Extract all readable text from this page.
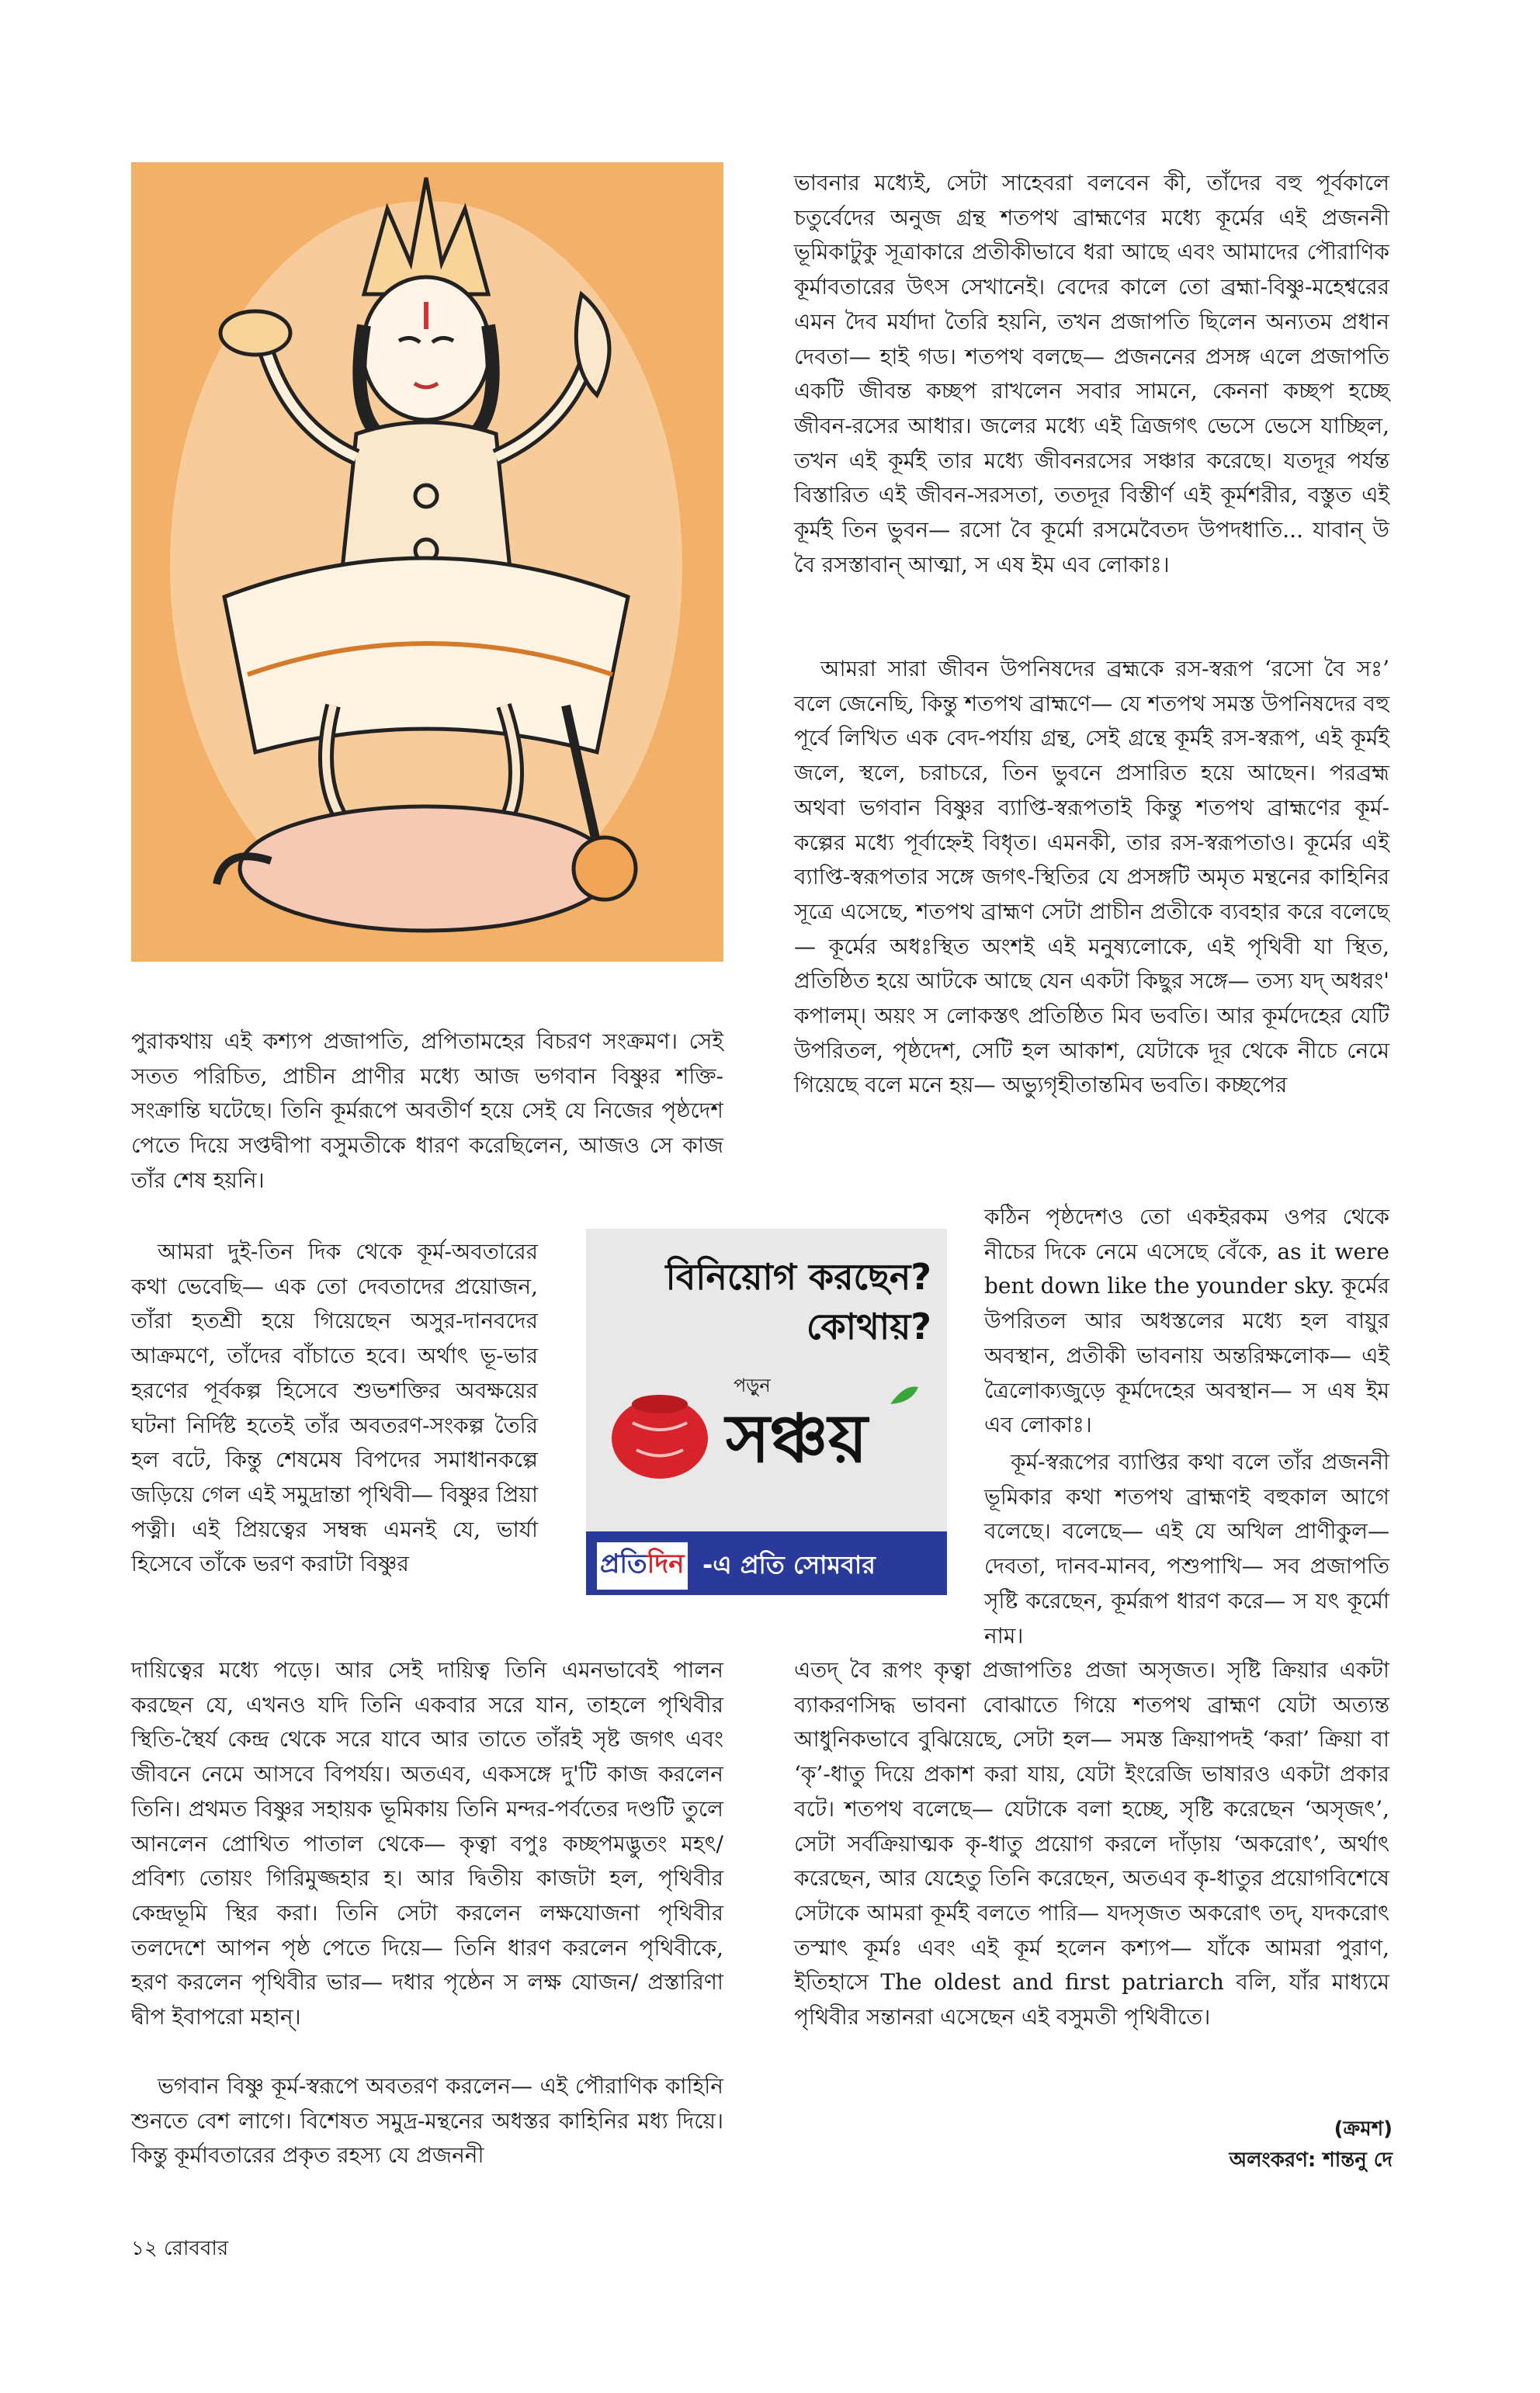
ভাবনার মধ্যেই, সেটা সাহেবরা বলবেন কী, তাঁদের বহু পূর্বকালে চতুর্বেদের অনুজ গ্রন্থ শতপথ ব্রাহ্মণের মধ্যে কূর্মের এই প্রজননী ভূমিকাটুকু সূত্রাকারে প্রতীকীভাবে ধরা আছে এবং আমাদের পৌরাণিক কূর্মাবতারের উৎস সেখানেই। বেদের কালে তো ব্রহ্মা-বিষ্ণু-মহেশ্বরের এমন দৈব মর্যাদা তৈরি হয়নি, তখন প্রজাপতি ছিলেন অন্যতম প্রধান দেবতা— হাই গড। শতপথ বলছে— প্রজননের প্রসঙ্গ এলে প্রজাপতি একটি জীবন্ত কচ্ছপ রাখলেন সবার সামনে, কেননা কচ্ছপ হচ্ছে জীবন-রসের আধার। জলের মধ্যে এই ত্রিজগৎ ভেসে ভেসে যাচ্ছিল, তখন এই কূর্মই তার মধ্যে জীবনরসের সঞ্চার করেছে। যতদূর পর্যন্ত বিস্তারিত এই জীবন-সরসতা, ততদূর বিস্তীর্ণ এই কূর্মশরীর, বস্তুত এই কূর্মই তিন ভুবন— রসো বৈ কূর্মো রসমেবৈতদ উপদধাতি... যাবান্ উ বৈ রসস্তাবান্ আত্মা, স এষ ইম এব লোকাঃ।

আমরা সারা জীবন উপনিষদের ব্রহ্মকে রস-স্বরূপ ‘রসো বৈ সঃ’ বলে জেনেছি, কিন্তু শতপথ ব্রাহ্মণে— যে শতপথ সমস্ত উপনিষদের বহু পূর্বে লিখিত এক বেদ-পর্যায় গ্রন্থ, সেই গ্রন্থে কূর্মই রস-স্বরূপ, এই কূর্মই জলে, স্থলে, চরাচরে, তিন ভুবনে প্রসারিত হয়ে আছেন। পরব্রহ্ম অথবা ভগবান বিষ্ণুর ব্যাপ্তি-স্বরূপতাই কিন্তু শতপথ ব্রাহ্মণের কূর্ম-কল্পের মধ্যে পূর্বাহ্নেই বিধৃত। এমনকী, তার রস-স্বরূপতাও। কূর্মের এই ব্যাপ্তি-স্বরূপতার সঙ্গে জগৎ-স্থিতির যে প্রসঙ্গটি অমৃত মন্থনের কাহিনির সূত্রে এসেছে, শতপথ ব্রাহ্মণ সেটা প্রাচীন প্রতীকে ব্যবহার করে বলেছে— কূর্মের অধঃস্থিত অংশই এই মনুষ্যলোকে, এই পৃথিবী যা স্থিত, প্রতিষ্ঠিত হয়ে আটকে আছে যেন একটা কিছুর সঙ্গে— তস্য যদ্ অধরং' কপালম্। অয়ং স লোকস্তৎ প্রতিষ্ঠিত মিব ভবতি। আর কূর্মদেহের যেটি উপরিতল, পৃষ্ঠদেশ, সেটি হল আকাশ, যেটাকে দূর থেকে নীচে নেমে গিয়েছে বলে মনে হয়— অভ্যুগৃহীতান্তমিব ভবতি। কচ্ছপের

কঠিন পৃষ্ঠদেশও তো একইরকম ওপর থেকে নীচের দিকে নেমে এসেছে বেঁকে, as it were bent down like the younder sky. কূর্মের উপরিতল আর অধস্তলের মধ্যে হল বায়ুর অবস্থান, প্রতীকী ভাবনায় অন্তরিক্ষলোক— এই ত্রৈলোক্যজুড়ে কূর্মদেহের অবস্থান— স এষ ইম এব লোকাঃ।

কূর্ম-স্বরূপের ব্যাপ্তির কথা বলে তাঁর প্রজননী ভূমিকার কথা শতপথ ব্রাহ্মণই বহুকাল আগে বলেছে। বলেছে— এই যে অখিল প্রাণীকুল— দেবতা, দানব-মানব, পশুপাখি— সব প্রজাপতি সৃষ্টি করেছেন, কূর্মরূপ ধারণ করে— স যৎ কূর্মো নাম।

এতদ্ বৈ রূপং কৃত্বা প্রজাপতিঃ প্রজা অসৃজত। সৃষ্টি ক্রিয়ার একটা ব্যাকরণসিদ্ধ ভাবনা বোঝাতে গিয়ে শতপথ ব্রাহ্মণ যেটা অত্যন্ত আধুনিকভাবে বুঝিয়েছে, সেটা হল— সমস্ত ক্রিয়াপদই ‘করা’ ক্রিয়া বা ‘কৃ’-ধাতু দিয়ে প্রকাশ করা যায়, যেটা ইংরেজি ভাষারও একটা প্রকার বটে। শতপথ বলেছে— যেটাকে বলা হচ্ছে, সৃষ্টি করেছেন ‘অসৃজৎ’, সেটা সর্বক্রিয়াত্মক কৃ-ধাতু প্রয়োগ করলে দাঁড়ায় ‘অকরোৎ’, অর্থাৎ করেছেন, আর যেহেতু তিনি করেছেন, অতএব কৃ-ধাতুর প্রয়োগবিশেষে সেটাকে আমরা কূর্মই বলতে পারি— যদসৃজত অকরোৎ তদ্, যদকরোৎ তস্মাৎ কূর্মঃ এবং এই কূর্ম হলেন কশ্যপ— যাঁকে আমরা পুরাণ, ইতিহাসে The oldest and first patriarch বলি, যাঁর মাধ্যমে পৃথিবীর সন্তানরা এসেছেন এই বসুমতী পৃথিবীতে।

পুরাকথায় এই কশ্যপ প্রজাপতি, প্রপিতামহের বিচরণ সংক্রমণ। সেই সতত পরিচিত, প্রাচীন প্রাণীর মধ্যে আজ ভগবান বিষ্ণুর শক্তি-সংক্রান্তি ঘটেছে। তিনি কূর্মরূপে অবতীর্ণ হয়ে সেই যে নিজের পৃষ্ঠদেশ পেতে দিয়ে সপ্তদ্বীপা বসুমতীকে ধারণ করেছিলেন, আজও সে কাজ তাঁর শেষ হয়নি।

আমরা দুই-তিন দিক থেকে কূর্ম-অবতারের কথা ভেবেছি— এক তো দেবতাদের প্রয়োজন, তাঁরা হতশ্রী হয়ে গিয়েছেন অসুর-দানবদের আক্রমণে, তাঁদের বাঁচাতে হবে। অর্থাৎ ভূ-ভার হরণের পূর্বকল্প হিসেবে শুভশক্তির অবক্ষয়ের ঘটনা নির্দিষ্ট হতেই তাঁর অবতরণ-সংকল্প তৈরি হল বটে, কিন্তু শেষমেষ বিপদের সমাধানকল্পে জড়িয়ে গেল এই সমুদ্রান্তা পৃথিবী— বিষ্ণুর প্রিয়া পত্নী। এই প্রিয়ত্বের সম্বন্ধ এমনই যে, ভার্যা হিসেবে তাঁকে ভরণ করাটা বিষ্ণুর

দায়িত্বের মধ্যে পড়ে। আর সেই দায়িত্ব তিনি এমনভাবেই পালন করছেন যে, এখনও যদি তিনি একবার সরে যান, তাহলে পৃথিবীর স্থিতি-স্থৈর্য কেন্দ্র থেকে সরে যাবে আর তাতে তাঁরই সৃষ্ট জগৎ এবং জীবনে নেমে আসবে বিপর্যয়। অতএব, একসঙ্গে দু'টি কাজ করলেন তিনি। প্রথমত বিষ্ণুর সহায়ক ভূমিকায় তিনি মন্দর-পর্বতের দণ্ডটি তুলে আনলেন প্রোথিত পাতাল থেকে— কৃত্বা বপুঃ কচ্ছপমদ্ভুতং মহৎ/ প্রবিশ্য তোয়ং গিরিমুজ্জহার হ। আর দ্বিতীয় কাজটা হল, পৃথিবীর কেন্দ্রভূমি স্থির করা। তিনি সেটা করলেন লক্ষযোজনা পৃথিবীর তলদেশে আপন পৃষ্ঠ পেতে দিয়ে— তিনি ধারণ করলেন পৃথিবীকে, হরণ করলেন পৃথিবীর ভার— দধার পৃষ্ঠেন স লক্ষ যোজন/ প্রস্তারিণা দ্বীপ ইবাপরো মহান্।

ভগবান বিষ্ণু কূর্ম-স্বরূপে অবতরণ করলেন— এই পৌরাণিক কাহিনি শুনতে বেশ লাগে। বিশেষত সমুদ্র-মন্থনের অধস্তর কাহিনির মধ্য দিয়ে। কিন্তু কূর্মাবতারের প্রকৃত রহস্য যে প্রজননী

বিনিয়োগ করছেন?
কোথায়?
পড়ুন
সঞ্চয়
প্রতিদিন -এ প্রতি সোমবার
(ক্রমশ)
অলংকরণ: শান্তনু দে
১২ রোববার
